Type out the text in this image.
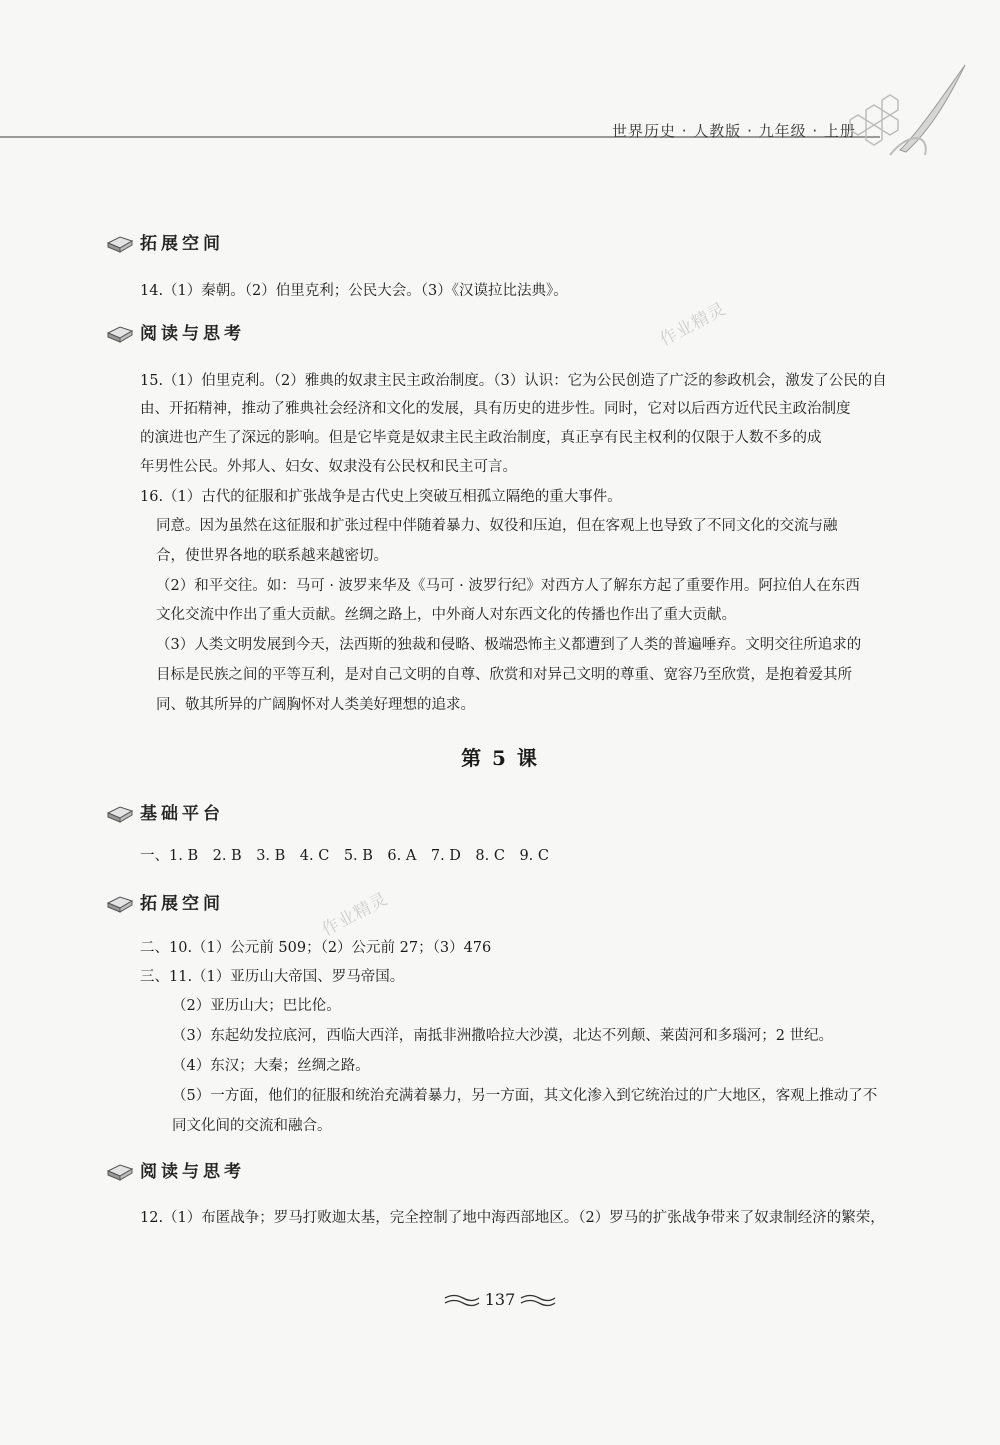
世界历史 · 人教版 · 九年级 · 上册
拓展空间
14.（1）秦朝。（2）伯里克利；公民大会。（3）《汉谟拉比法典》。
阅读与思考
15.（1）伯里克利。（2）雅典的奴隶主民主政治制度。（3）认识：它为公民创造了广泛的参政机会，激发了公民的自
由、开拓精神，推动了雅典社会经济和文化的发展，具有历史的进步性。同时，它对以后西方近代民主政治制度
的演进也产生了深远的影响。但是它毕竟是奴隶主民主政治制度，真正享有民主权利的仅限于人数不多的成
年男性公民。外邦人、妇女、奴隶没有公民权和民主可言。
16.（1）古代的征服和扩张战争是古代史上突破互相孤立隔绝的重大事件。
同意。因为虽然在这征服和扩张过程中伴随着暴力、奴役和压迫，但在客观上也导致了不同文化的交流与融
合，使世界各地的联系越来越密切。
（2）和平交往。如：马可 · 波罗来华及《马可 · 波罗行纪》对西方人了解东方起了重要作用。阿拉伯人在东西
文化交流中作出了重大贡献。丝绸之路上，中外商人对东西文化的传播也作出了重大贡献。
（3）人类文明发展到今天，法西斯的独裁和侵略、极端恐怖主义都遭到了人类的普遍唾弃。文明交往所追求的
目标是民族之间的平等互利，是对自己文明的自尊、欣赏和对异己文明的尊重、宽容乃至欣赏，是抱着爱其所
同、敬其所异的广阔胸怀对人类美好理想的追求。
第 5 课
基础平台
一、1. B　2. B　3. B　4. C　5. B　6. A　7. D　8. C　9. C
拓展空间
二、10.（1）公元前 509；（2）公元前 27；（3）476
三、11.（1）亚历山大帝国、罗马帝国。
（2）亚历山大；巴比伦。
（3）东起幼发拉底河，西临大西洋，南抵非洲撒哈拉大沙漠，北达不列颠、莱茵河和多瑙河；2 世纪。
（4）东汉；大秦；丝绸之路。
（5）一方面，他们的征服和统治充满着暴力，另一方面，其文化渗入到它统治过的广大地区，客观上推动了不
同文化间的交流和融合。
阅读与思考
12.（1）布匿战争；罗马打败迦太基，完全控制了地中海西部地区。（2）罗马的扩张战争带来了奴隶制经济的繁荣，
作业精灵
作业精灵
137
